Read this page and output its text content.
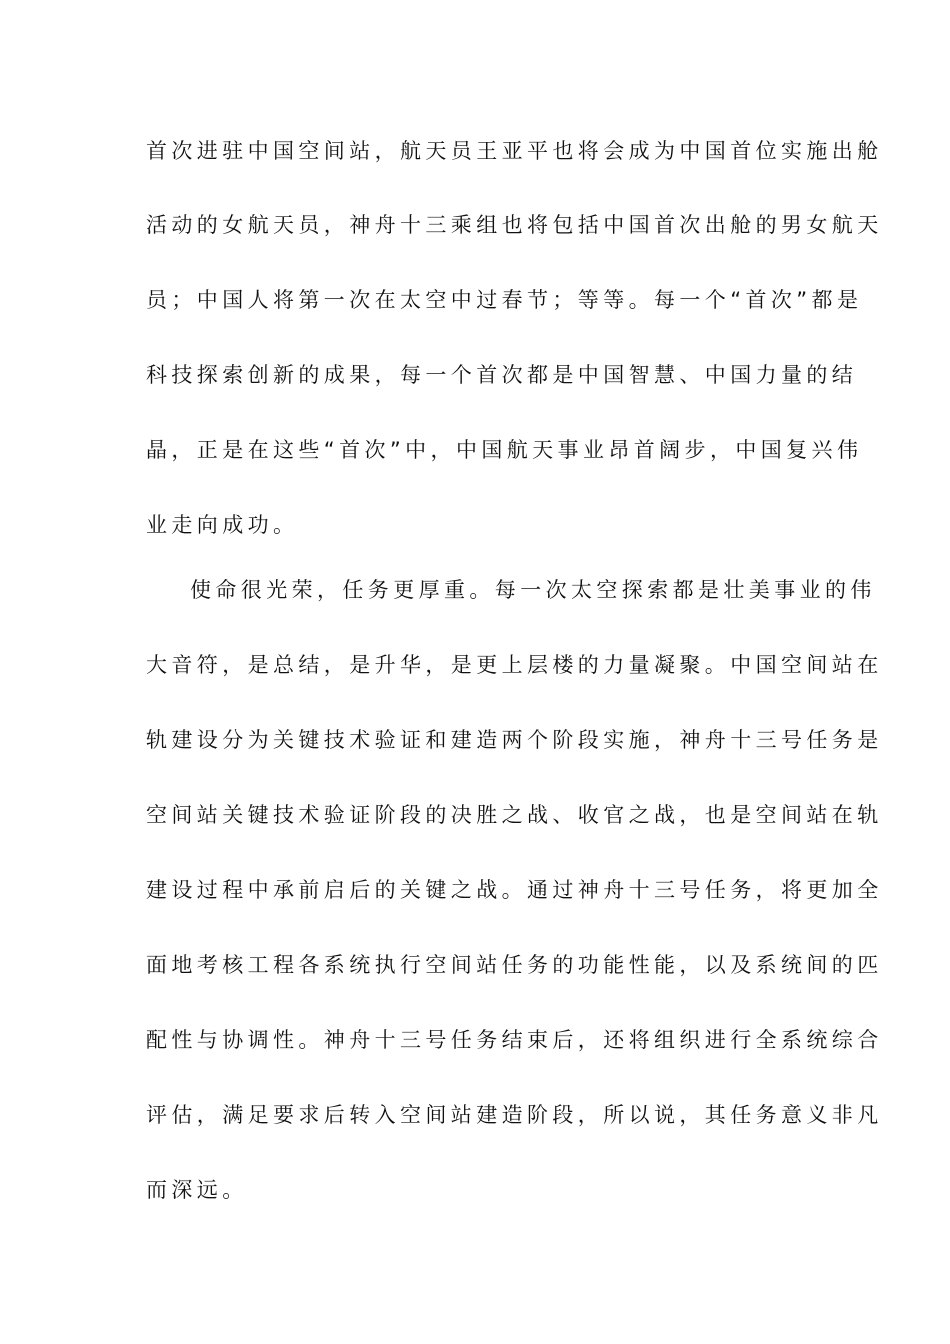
首次进驻中国空间站，航天员王亚平也将会成为中国首位实施出舱
活动的女航天员，神舟十三乘组也将包括中国首次出舱的男女航天
员；中国人将第一次在太空中过春节；等等。每一个“首次”都是
科技探索创新的成果，每一个首次都是中国智慧、中国力量的结
晶，正是在这些“首次”中，中国航天事业昂首阔步，中国复兴伟
业走向成功。
使命很光荣，任务更厚重。每一次太空探索都是壮美事业的伟
大音符，是总结，是升华，是更上层楼的力量凝聚。中国空间站在
轨建设分为关键技术验证和建造两个阶段实施，神舟十三号任务是
空间站关键技术验证阶段的决胜之战、收官之战，也是空间站在轨
建设过程中承前启后的关键之战。通过神舟十三号任务，将更加全
面地考核工程各系统执行空间站任务的功能性能，以及系统间的匹
配性与协调性。神舟十三号任务结束后，还将组织进行全系统综合
评估，满足要求后转入空间站建造阶段，所以说，其任务意义非凡
而深远。
